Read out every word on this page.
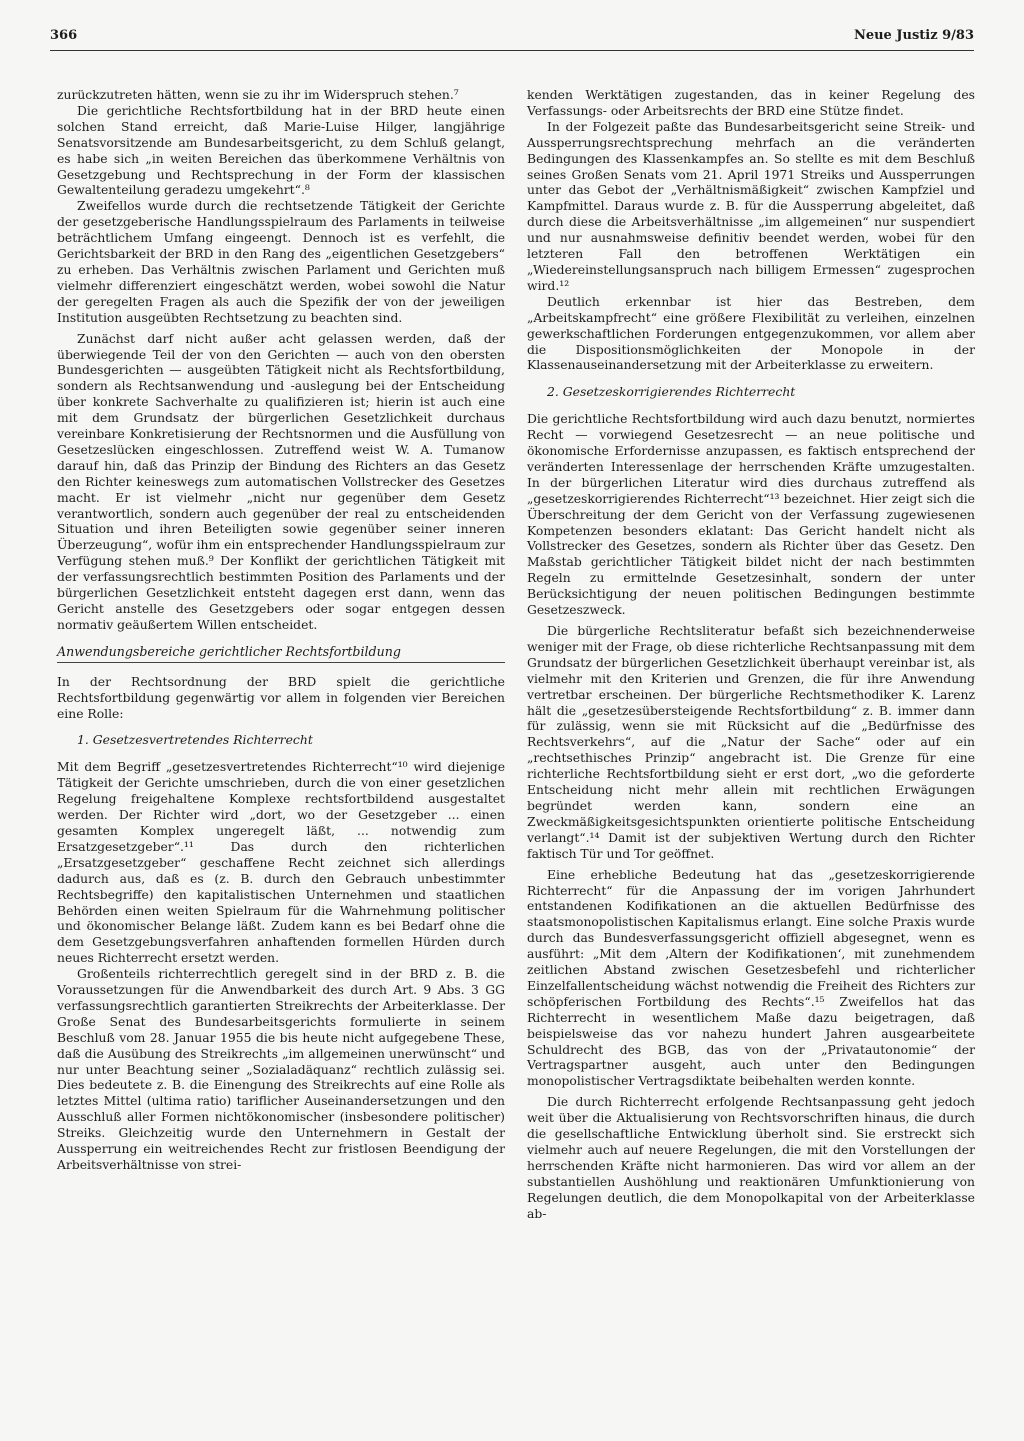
366	Neue Justiz 9/83

zurückzutreten hätten, wenn sie zu ihr im Widerspruch stehen.⁷

Die gerichtliche Rechtsfortbildung hat in der BRD heute einen solchen Stand erreicht, daß Marie-Luise Hilger, langjährige Senatsvorsitzende am Bundesarbeitsgericht, zu dem Schluß gelangt, es habe sich „in weiten Bereichen das überkommene Verhältnis von Gesetzgebung und Rechtsprechung in der Form der klassischen Gewaltenteilung geradezu umgekehrt“.⁸

Zweifellos wurde durch die rechtsetzende Tätigkeit der Gerichte der gesetzgeberische Handlungsspielraum des Parlaments in teilweise beträchtlichem Umfang eingeengt. Dennoch ist es verfehlt, die Gerichtsbarkeit der BRD in den Rang des „eigentlichen Gesetzgebers“ zu erheben. Das Verhältnis zwischen Parlament und Gerichten muß vielmehr differenziert eingeschätzt werden, wobei sowohl die Natur der geregelten Fragen als auch die Spezifik der von der jeweiligen Institution ausgeübten Rechtsetzung zu beachten sind.

Zunächst darf nicht außer acht gelassen werden, daß der überwiegende Teil der von den Gerichten — auch von den obersten Bundesgerichten — ausgeübten Tätigkeit nicht als Rechtsfortbildung, sondern als Rechtsanwendung und -auslegung bei der Entscheidung über konkrete Sachverhalte zu qualifizieren ist; hierin ist auch eine mit dem Grundsatz der bürgerlichen Gesetzlichkeit durchaus vereinbare Konkretisierung der Rechtsnormen und die Ausfüllung von Gesetzeslücken eingeschlossen. Zutreffend weist W. A. Tumanow darauf hin, daß das Prinzip der Bindung des Richters an das Gesetz den Richter keineswegs zum automatischen Vollstrecker des Gesetzes macht. Er ist vielmehr „nicht nur gegenüber dem Gesetz verantwortlich, sondern auch gegenüber der real zu entscheidenden Situation und ihren Beteiligten sowie gegenüber seiner inneren Überzeugung“, wofür ihm ein entsprechender Handlungsspielraum zur Verfügung stehen muß.⁹ Der Konflikt der gerichtlichen Tätigkeit mit der verfassungsrechtlich bestimmten Position des Parlaments und der bürgerlichen Gesetzlichkeit entsteht dagegen erst dann, wenn das Gericht anstelle des Gesetzgebers oder sogar entgegen dessen normativ geäußertem Willen entscheidet.

Anwendungsbereiche gerichtlicher Rechtsfortbildung

In der Rechtsordnung der BRD spielt die gerichtliche Rechtsfortbildung gegenwärtig vor allem in folgenden vier Bereichen eine Rolle:

1. Gesetzesvertretendes Richterrecht

Mit dem Begriff „gesetzesvertretendes Richterrecht“¹⁰ wird diejenige Tätigkeit der Gerichte umschrieben, durch die von einer gesetzlichen Regelung freigehaltene Komplexe rechtsfortbildend ausgestaltet werden. Der Richter wird „dort, wo der Gesetzgeber ... einen gesamten Komplex ungeregelt läßt, ... notwendig zum Ersatzgesetzgeber“.¹¹ Das durch den richterlichen „Ersatzgesetzgeber“ geschaffene Recht zeichnet sich allerdings dadurch aus, daß es (z. B. durch den Gebrauch unbestimmter Rechtsbegriffe) den kapitalistischen Unternehmen und staatlichen Behörden einen weiten Spielraum für die Wahrnehmung politischer und ökonomischer Belange läßt. Zudem kann es bei Bedarf ohne die dem Gesetzgebungsverfahren anhaftenden formellen Hürden durch neues Richterrecht ersetzt werden.

Großenteils richterrechtlich geregelt sind in der BRD z. B. die Voraussetzungen für die Anwendbarkeit des durch Art. 9 Abs. 3 GG verfassungsrechtlich garantierten Streikrechts der Arbeiterklasse. Der Große Senat des Bundesarbeitsgerichts formulierte in seinem Beschluß vom 28. Januar 1955 die bis heute nicht aufgegebene These, daß die Ausübung des Streikrechts „im allgemeinen unerwünscht“ und nur unter Beachtung seiner „Sozialadäquanz“ rechtlich zulässig sei. Dies bedeutete z. B. die Einengung des Streikrechts auf eine Rolle als letztes Mittel (ultima ratio) tariflicher Auseinandersetzungen und den Ausschluß aller Formen nichtökonomischer (insbesondere politischer) Streiks. Gleichzeitig wurde den Unternehmern in Gestalt der Aussperrung ein weitreichendes Recht zur fristlosen Beendigung der Arbeitsverhältnisse von strei-

kenden Werktätigen zugestanden, das in keiner Regelung des Verfassungs- oder Arbeitsrechts der BRD eine Stütze findet.

In der Folgezeit paßte das Bundesarbeitsgericht seine Streik- und Aussperrungsrechtsprechung mehrfach an die veränderten Bedingungen des Klassenkampfes an. So stellte es mit dem Beschluß seines Großen Senats vom 21. April 1971 Streiks und Aussperrungen unter das Gebot der „Verhältnismäßigkeit“ zwischen Kampfziel und Kampfmittel. Daraus wurde z. B. für die Aussperrung abgeleitet, daß durch diese die Arbeitsverhältnisse „im allgemeinen“ nur suspendiert und nur ausnahmsweise definitiv beendet werden, wobei für den letzteren Fall den betroffenen Werktätigen ein „Wiedereinstellungsanspruch nach billigem Ermessen“ zugesprochen wird.¹²

Deutlich erkennbar ist hier das Bestreben, dem „Arbeitskampfrecht“ eine größere Flexibilität zu verleihen, einzelnen gewerkschaftlichen Forderungen entgegenzukommen, vor allem aber die Dispositionsmöglichkeiten der Monopole in der Klassenauseinandersetzung mit der Arbeiterklasse zu erweitern.

2. Gesetzeskorrigierendes Richterrecht

Die gerichtliche Rechtsfortbildung wird auch dazu benutzt, normiertes Recht — vorwiegend Gesetzesrecht — an neue politische und ökonomische Erfordernisse anzupassen, es faktisch entsprechend der veränderten Interessenlage der herrschenden Kräfte umzugestalten. In der bürgerlichen Literatur wird dies durchaus zutreffend als „gesetzeskorrigierendes Richterrecht“¹³ bezeichnet. Hier zeigt sich die Überschreitung der dem Gericht von der Verfassung zugewiesenen Kompetenzen besonders eklatant: Das Gericht handelt nicht als Vollstrecker des Gesetzes, sondern als Richter über das Gesetz. Den Maßstab gerichtlicher Tätigkeit bildet nicht der nach bestimmten Regeln zu ermittelnde Gesetzesinhalt, sondern der unter Berücksichtigung der neuen politischen Bedingungen bestimmte Gesetzeszweck.

Die bürgerliche Rechtsliteratur befaßt sich bezeichnenderweise weniger mit der Frage, ob diese richterliche Rechtsanpassung mit dem Grundsatz der bürgerlichen Gesetzlichkeit überhaupt vereinbar ist, als vielmehr mit den Kriterien und Grenzen, die für ihre Anwendung vertretbar erscheinen. Der bürgerliche Rechtsmethodiker K. Larenz hält die „gesetzesübersteigende Rechtsfortbildung“ z. B. immer dann für zulässig, wenn sie mit Rücksicht auf die „Bedürfnisse des Rechtsverkehrs“, auf die „Natur der Sache“ oder auf ein „rechtsethisches Prinzip“ angebracht ist. Die Grenze für eine richterliche Rechtsfortbildung sieht er erst dort, „wo die geforderte Entscheidung nicht mehr allein mit rechtlichen Erwägungen begründet werden kann, sondern eine an Zweckmäßigkeitsgesichtspunkten orientierte politische Entscheidung verlangt“.¹⁴ Damit ist der subjektiven Wertung durch den Richter faktisch Tür und Tor geöffnet.

Eine erhebliche Bedeutung hat das „gesetzeskorrigierende Richterrecht“ für die Anpassung der im vorigen Jahrhundert entstandenen Kodifikationen an die aktuellen Bedürfnisse des staatsmonopolistischen Kapitalismus erlangt. Eine solche Praxis wurde durch das Bundesverfassungsgericht offiziell abgesegnet, wenn es ausführt: „Mit dem ‚Altern der Kodifikationen‘, mit zunehmendem zeitlichen Abstand zwischen Gesetzesbefehl und richterlicher Einzelfallentscheidung wächst notwendig die Freiheit des Richters zur schöpferischen Fortbildung des Rechts“.¹⁵ Zweifellos hat das Richterrecht in wesentlichem Maße dazu beigetragen, daß beispielsweise das vor nahezu hundert Jahren ausgearbeitete Schuldrecht des BGB, das von der „Privatautonomie“ der Vertragspartner ausgeht, auch unter den Bedingungen monopolistischer Vertragsdiktate beibehalten werden konnte.

Die durch Richterrecht erfolgende Rechtsanpassung geht jedoch weit über die Aktualisierung von Rechtsvorschriften hinaus, die durch die gesellschaftliche Entwicklung überholt sind. Sie erstreckt sich vielmehr auch auf neuere Regelungen, die mit den Vorstellungen der herrschenden Kräfte nicht harmonieren. Das wird vor allem an der substantiellen Aushöhlung und reaktionären Umfunktionierung von Regelungen deutlich, die dem Monopolkapital von der Arbeiterklasse ab-
